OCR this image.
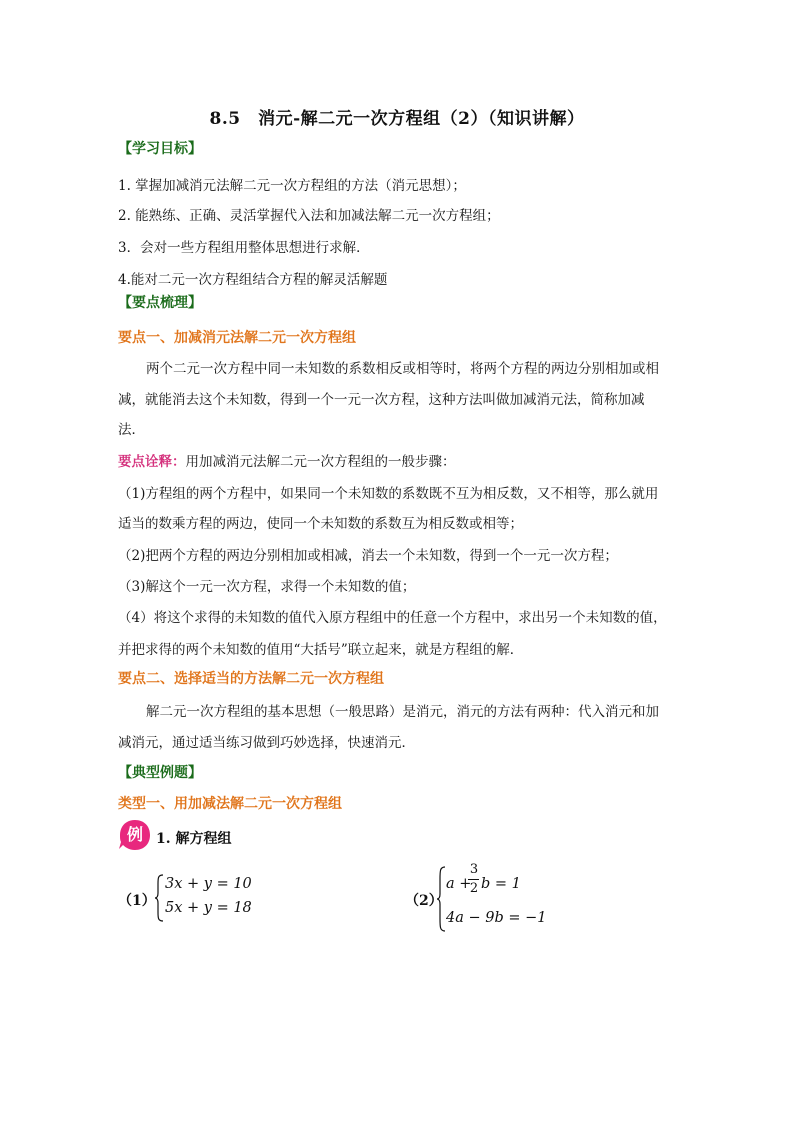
8.5　消元-解二元一次方程组（2）（知识讲解）
【学习目标】
1. 掌握加减消元法解二元一次方程组的方法（消元思想）；
2. 能熟练、正确、灵活掌握代入法和加减法解二元一次方程组；
3．会对一些方程组用整体思想进行求解．
4.能对二元一次方程组结合方程的解灵活解题
【要点梳理】
要点一、加减消元法解二元一次方程组
两个二元一次方程中同一未知数的系数相反或相等时，将两个方程的两边分别相加或相
减，就能消去这个未知数，得到一个一元一次方程，这种方法叫做加减消元法，简称加减
法．
要点诠释：用加减消元法解二元一次方程组的一般步骤：
（1)方程组的两个方程中，如果同一个未知数的系数既不互为相反数，又不相等，那么就用
适当的数乘方程的两边，使同一个未知数的系数互为相反数或相等；
（2)把两个方程的两边分别相加或相减，消去一个未知数，得到一个一元一次方程；
（3)解这个一元一次方程，求得一个未知数的值；
（4）将这个求得的未知数的值代入原方程组中的任意一个方程中，求出另一个未知数的值，
并把求得的两个未知数的值用“大括号”联立起来，就是方程组的解．
要点二、选择适当的方法解二元一次方程组
解二元一次方程组的基本思想（一般思路）是消元，消元的方法有两种：代入消元和加
减消元，通过适当练习做到巧妙选择，快速消元．
【典型例题】
类型一、用加减法解二元一次方程组
例 1. 解方程组
（1）
3x + y = 10
5x + y = 18	（2）
a +
3
2 b = 1
4a − 9b = −1
